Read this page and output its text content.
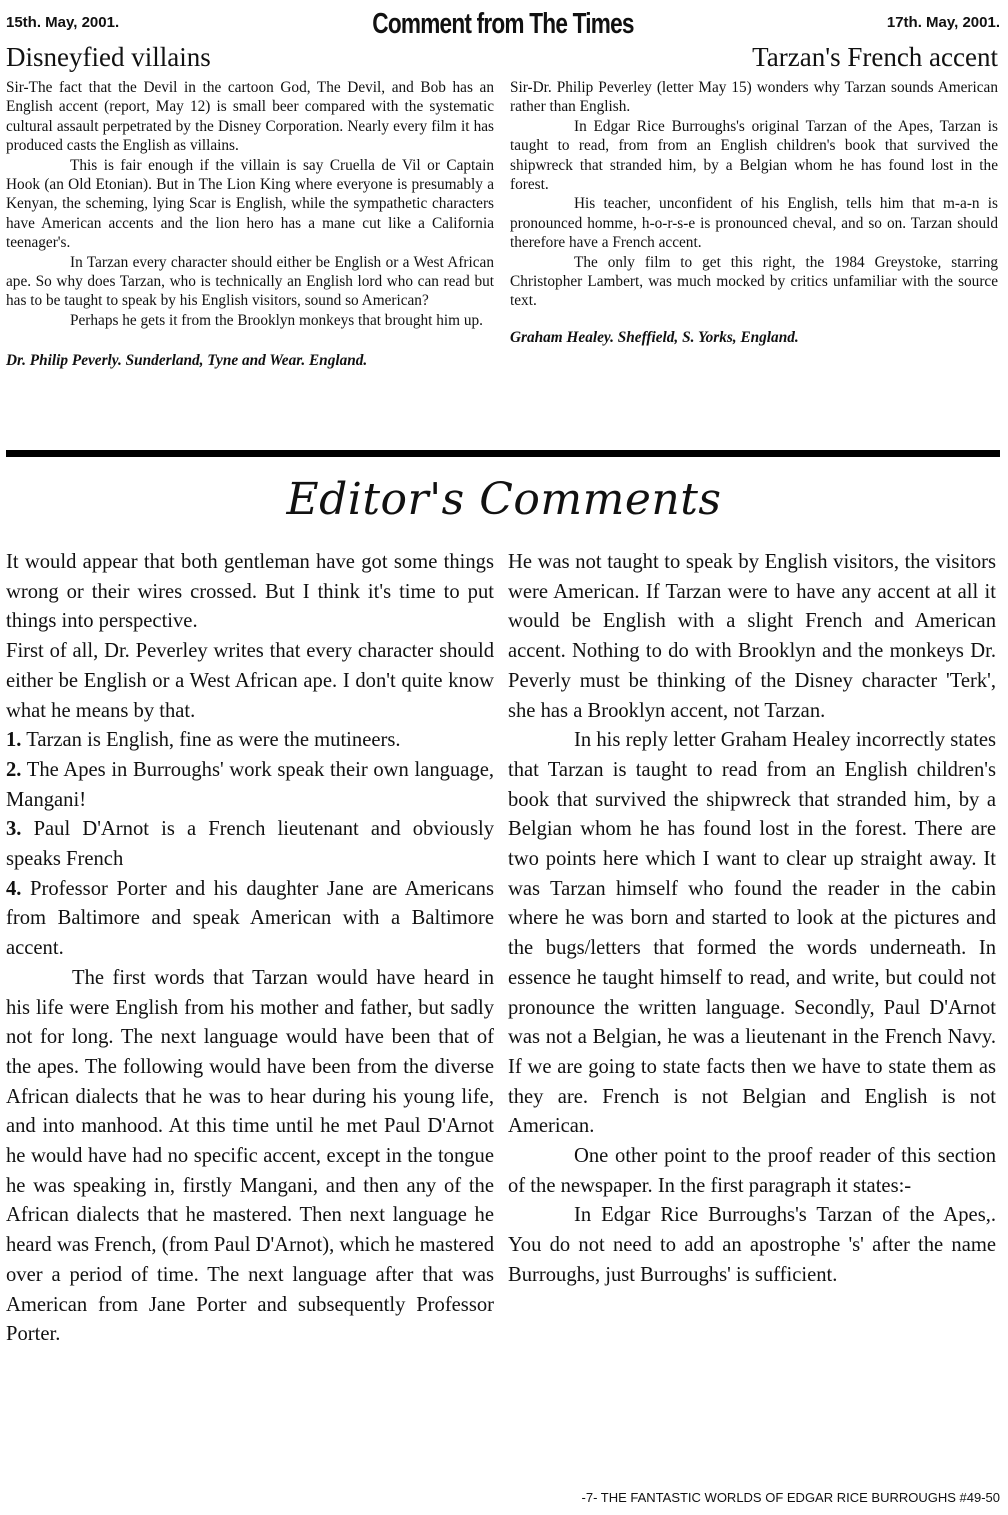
15th. May, 2001.	Comment from The Times	17th. May, 2001.
Disneyfied villains

Sir-The fact that the Devil in the cartoon God, The Devil, and Bob has an English accent (report, May 12) is small beer compared with the systematic cultural assault perpetrated by the Disney Corporation. Nearly every film it has produced casts the English as villains.

This is fair enough if the villain is say Cruella de Vil or Captain Hook (an Old Etonian). But in The Lion King where everyone is presumably a Kenyan, the scheming, lying Scar is English, while the sympathetic characters have American accents and the lion hero has a mane cut like a California teenager's.

In Tarzan every character should either be English or a West African ape. So why does Tarzan, who is technically an English lord who can read but has to be taught to speak by his English visitors, sound so American?

Perhaps he gets it from the Brooklyn monkeys that brought him up.

Dr. Philip Peverly. Sunderland, Tyne and Wear. England.
Tarzan's French accent

Sir-Dr. Philip Peverley (letter May 15) wonders why Tarzan sounds American rather than English.

In Edgar Rice Burroughs's original Tarzan of the Apes, Tarzan is taught to read, from from an English children's book that survived the shipwreck that stranded him, by a Belgian whom he has found lost in the forest.

His teacher, unconfident of his English, tells him that m-a-n is pronounced homme, h-o-r-s-e is pronounced cheval, and so on. Tarzan should therefore have a French accent.

The only film to get this right, the 1984 Greystoke, starring Christopher Lambert, was much mocked by critics unfamiliar with the source text.

Graham Healey. Sheffield, S. Yorks, England.
Editor's Comments

It would appear that both gentleman have got some things wrong or their wires crossed. But I think it's time to put things into perspective.

First of all, Dr. Peverley writes that every character should either be English or a West African ape. I don't quite know what he means by that.

1. Tarzan is English, fine as were the mutineers.

2. The Apes in Burroughs' work speak their own language, Mangani!

3. Paul D'Arnot is a French lieutenant and obviously speaks French

4. Professor Porter and his daughter Jane are Americans from Baltimore and speak American with a Baltimore accent.

The first words that Tarzan would have heard in his life were English from his mother and father, but sadly not for long. The next language would have been that of the apes. The following would have been from the diverse African dialects that he was to hear during his young life, and into manhood. At this time until he met Paul D'Arnot he would have had no specific accent, except in the tongue he was speaking in, firstly Mangani, and then any of the African dialects that he mastered. Then next language he heard was French, (from Paul D'Arnot), which he mastered over a period of time. The next language after that was American from Jane Porter and subsequently Professor Porter.

He was not taught to speak by English visitors, the visitors were American. If Tarzan were to have any accent at all it would be English with a slight French and American accent. Nothing to do with Brooklyn and the monkeys Dr. Peverly must be thinking of the Disney character 'Terk', she has a Brooklyn accent, not Tarzan.

In his reply letter Graham Healey incorrectly states that Tarzan is taught to read from an English children's book that survived the shipwreck that stranded him, by a Belgian whom he has found lost in the forest. There are two points here which I want to clear up straight away. It was Tarzan himself who found the reader in the cabin where he was born and started to look at the pictures and the bugs/letters that formed the words underneath. In essence he taught himself to read, and write, but could not pronounce the written language. Secondly, Paul D'Arnot was not a Belgian, he was a lieutenant in the French Navy. If we are going to state facts then we have to state them as they are. French is not Belgian and English is not American.

One other point to the proof reader of this section of the newspaper. In the first paragraph it states:-

In Edgar Rice Burroughs's Tarzan of the Apes,. You do not need to add an apostrophe 's' after the name Burroughs, just Burroughs' is sufficient.

-7- THE FANTASTIC WORLDS OF EDGAR RICE BURROUGHS #49-50
